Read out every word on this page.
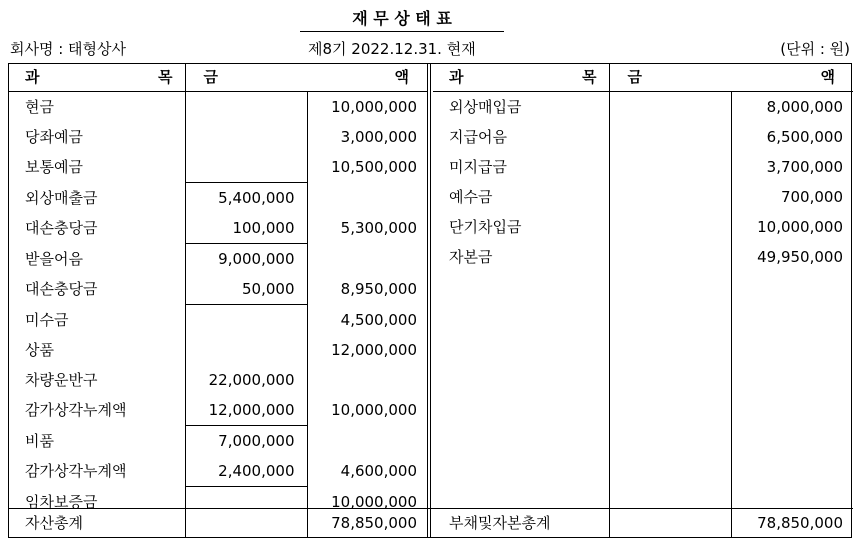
재 무 상 태 표
회사명 : 태형상사	제8기 2022.12.31. 현재	(단위 : 원)
과 목	금	액
현금		10,000,000
당좌예금		3,000,000
보통예금		10,500,000
외상매출금	5,400,000	
대손충당금	100,000	5,300,000
받을어음	9,000,000	
대손충당금	50,000	8,950,000
미수금		4,500,000
상품		12,000,000
차량운반구	22,000,000	
감가상각누계액	12,000,000	10,000,000
비품	7,000,000	
감가상각누계액	2,400,000	4,600,000
임차보증금		10,000,000
과 목	금	액
외상매입금		8,000,000
지급어음		6,500,000
미지급금		3,700,000
예수금		700,000
단기차입금		10,000,000
자본금		49,950,000

자산총계		78,850,000 부채및자본총계		78,850,000
